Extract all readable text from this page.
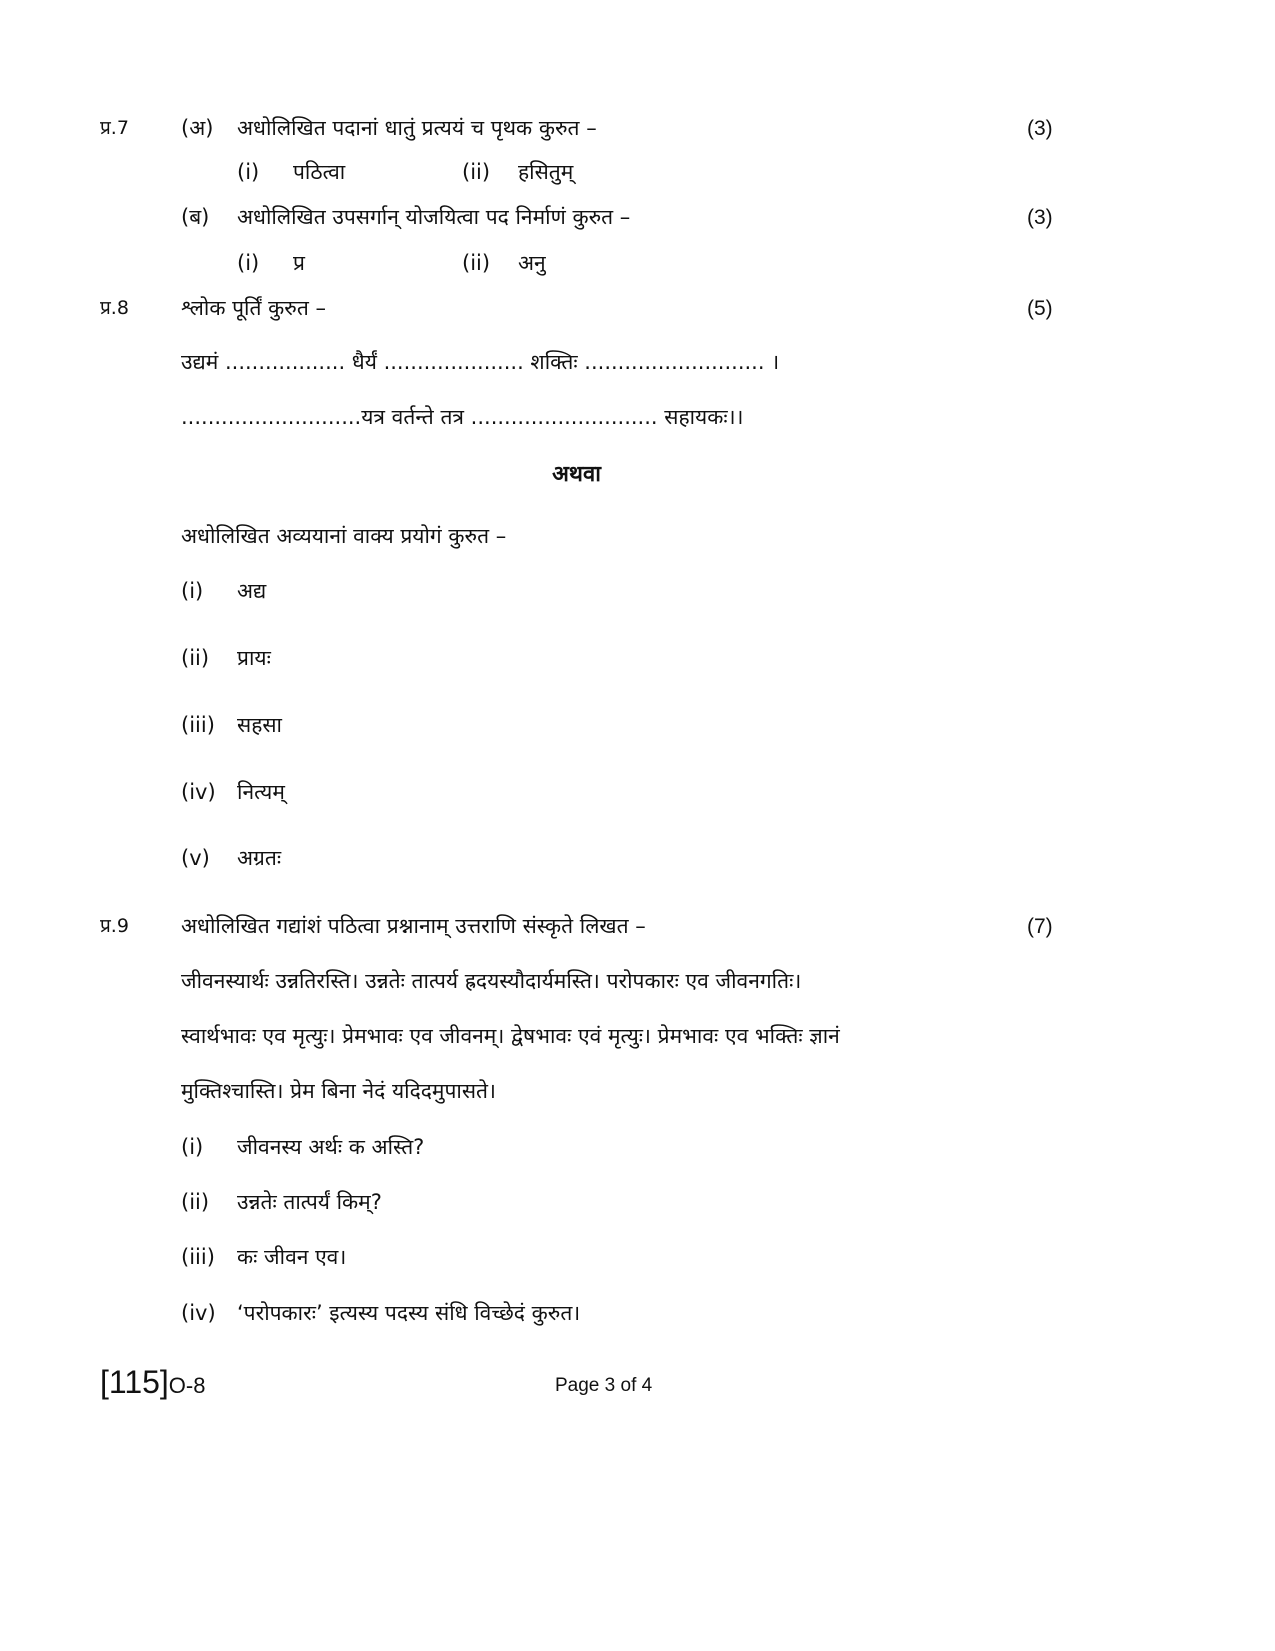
प्र.7 (अ) अधोलिखित पदानां धातुं प्रत्ययं च पृथक कुरुत –	(3)
(i) पठित्वा	(ii) हसितुम्
(ब) अधोलिखित उपसर्गान् योजयित्वा पद निर्माणं कुरुत –	(3)
(i) प्र	(ii) अनु
प्र.8 श्लोक पूर्तिं कुरुत –	(5)
उद्यमं .................. धैर्यं ..................... शक्तिः ........................... ।
...........................यत्र वर्तन्ते तत्र ............................ सहायकः।।
अथवा
अधोलिखित अव्ययानां वाक्य प्रयोगं कुरुत –
(i) अद्य
(ii) प्रायः
(iii) सहसा
(iv) नित्यम्
(v) अग्रतः
प्र.9 अधोलिखित गद्यांशं पठित्वा प्रश्नानाम् उत्तराणि संस्कृते लिखत –	(7)
जीवनस्यार्थः उन्नतिरस्ति। उन्नतेः तात्पर्य ह्रदयस्यौदार्यमस्ति। परोपकारः एव जीवनगतिः।
स्वार्थभावः एव मृत्युः। प्रेमभावः एव जीवनम्। द्वेषभावः एवं मृत्युः। प्रेमभावः एव भक्तिः ज्ञानं
मुक्तिश्चास्ति। प्रेम बिना नेदं यदिदमुपासते।
(i) जीवनस्य अर्थः क अस्ति?
(ii) उन्नतेः तात्पर्यं किम्?
(iii) कः जीवन एव।
(iv) ‘परोपकारः’ इत्यस्य पदस्य संधि विच्छेदं कुरुत।
[115]O-8	Page 3 of 4
